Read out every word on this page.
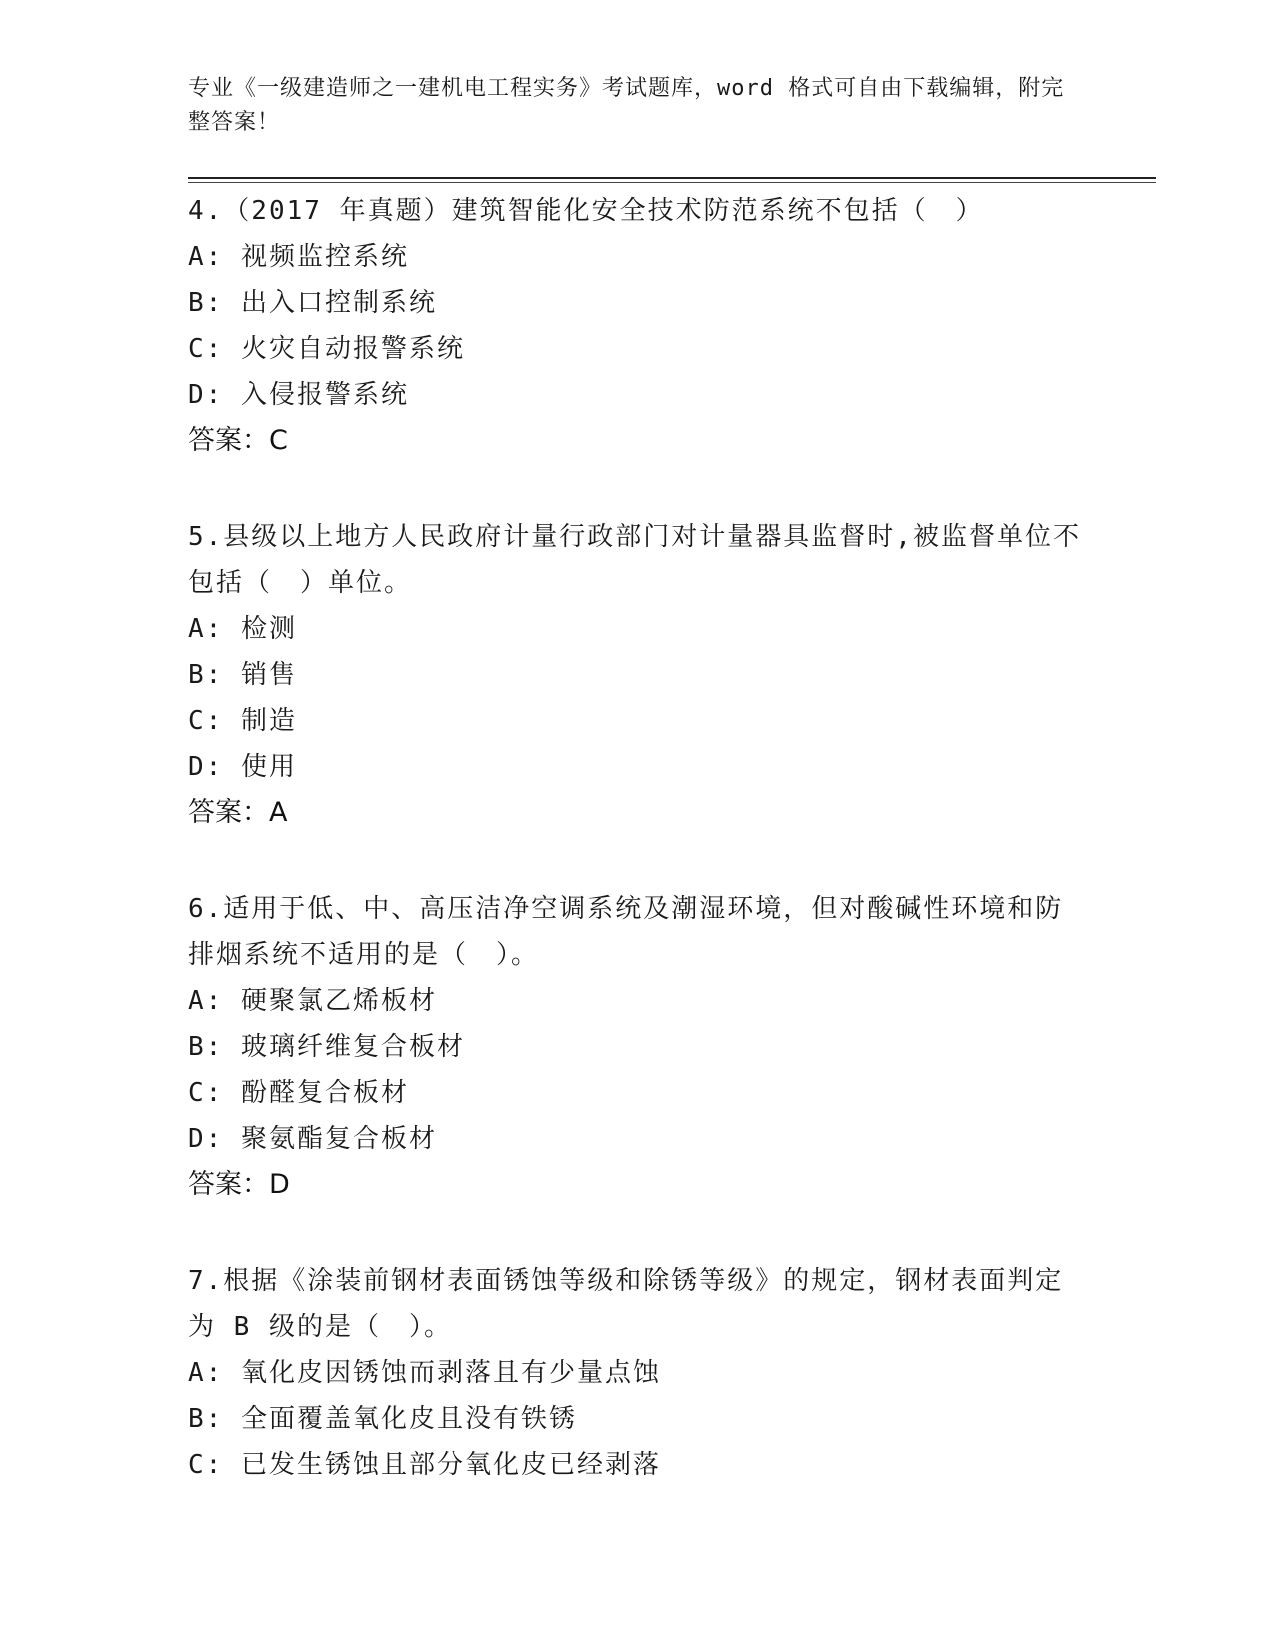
专业《一级建造师之一建机电工程实务》考试题库，word 格式可自由下载编辑，附完整答案！
4.（2017 年真题）建筑智能化安全技术防范系统不包括（　）
A: 视频监控系统
B: 出入口控制系统
C: 火灾自动报警系统
D: 入侵报警系统
答案：C
5.县级以上地方人民政府计量行政部门对计量器具监督时,被监督单位不包括（　）单位。
A: 检测
B: 销售
C: 制造
D: 使用
答案：A
6.适用于低、中、高压洁净空调系统及潮湿环境，但对酸碱性环境和防排烟系统不适用的是（　）。
A: 硬聚氯乙烯板材
B: 玻璃纤维复合板材
C: 酚醛复合板材
D: 聚氨酯复合板材
答案：D
7.根据《涂装前钢材表面锈蚀等级和除锈等级》的规定，钢材表面判定为 B 级的是（　）。
A: 氧化皮因锈蚀而剥落且有少量点蚀
B: 全面覆盖氧化皮且没有铁锈
C: 已发生锈蚀且部分氧化皮已经剥落
